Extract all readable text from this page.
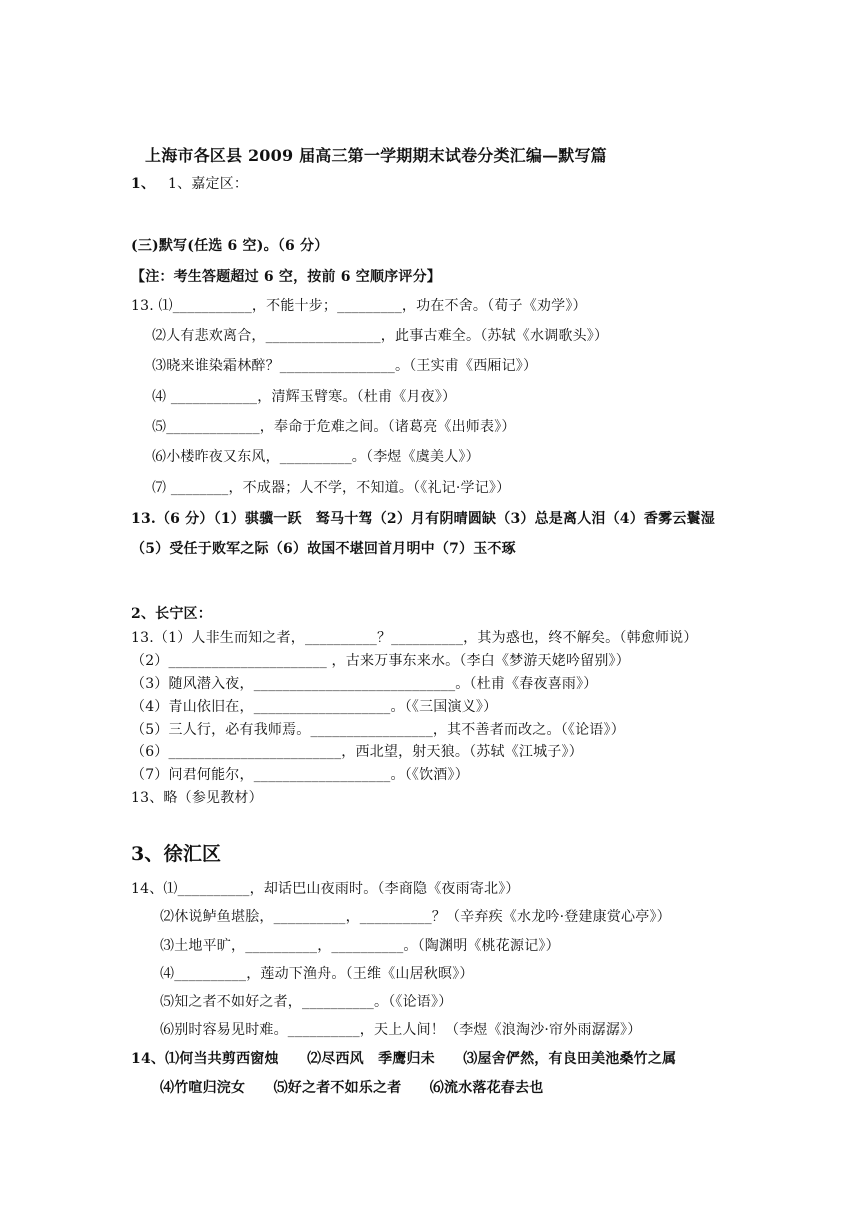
上海市各区县 2009 届高三第一学期期末试卷分类汇编—默写篇
1、 1、嘉定区：
(三)默写(任选 6 空)。（6 分）
【注：考生答题超过 6 空，按前 6 空顺序评分】
13. ⑴___________，不能十步；_________，功在不舍。（荀子《劝学》）
⑵人有悲欢离合，________________，此事古难全。（苏轼《水调歌头》）
⑶晓来谁染霜林醉？________________。（王实甫《西厢记》）
⑷ ____________，清辉玉臂寒。（杜甫《月夜》）
⑸_____________，奉命于危难之间。（诸葛亮《出师表》）
⑹小楼昨夜又东风，__________。（李煜《虞美人》）
⑺ ________，不成器；人不学，不知道。（《礼记·学记》）
13.（6 分）（1）骐骥一跃　驽马十驾（2）月有阴晴圆缺（3）总是离人泪（4）香雾云鬟湿
（5）受任于败军之际（6）故国不堪回首月明中（7）玉不琢
2、长宁区：
13.（1）人非生而知之者，__________？__________，其为惑也，终不解矣。（韩愈师说）
（2）______________________ ，古来万事东来水。（李白《梦游天姥吟留别》）
（3）随风潜入夜，____________________________。（杜甫《春夜喜雨》）
（4）青山依旧在，___________________。（《三国演义》）
（5）三人行，必有我师焉。_________________，其不善者而改之。（《论语》）
（6）________________________，西北望，射天狼。（苏轼《江城子》）
（7）问君何能尔，___________________。（《饮酒》）
13、略（参见教材）
3、徐汇区
14、⑴__________，却话巴山夜雨时。（李商隐《夜雨寄北》）
⑵休说鲈鱼堪脍，__________，__________？（辛弃疾《水龙吟·登建康赏心亭》）
⑶土地平旷，__________，__________。（陶渊明《桃花源记》）
⑷__________，莲动下渔舟。（王维《山居秋暝》）
⑸知之者不如好之者，__________。（《论语》）
⑹别时容易见时难。__________，天上人间！（李煜《浪淘沙·帘外雨潺潺》）
14、⑴何当共剪西窗烛　　⑵尽西风　季鹰归未　　⑶屋舍俨然，有良田美池桑竹之属
⑷竹喧归浣女　　⑸好之者不如乐之者　　⑹流水落花春去也
